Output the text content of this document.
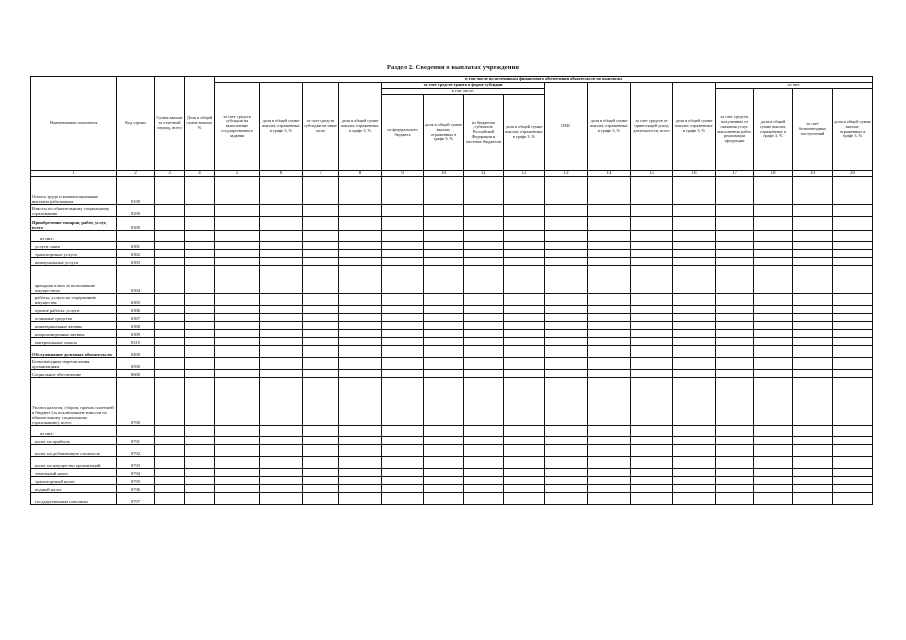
Раздел 2. Сведения о выплатах учреждения
Наименование показателя	Код строки	Сумма выплат за отчетный период, всего	Доля в общей сумме выплат, %	в том числе по источникам финансового обеспечения обязательств по выплатам															
				за счет средств субсидии на выполнение государственного задания	доля в общей сумме выплат, отраженных в графе 3, %	за счет средств субсидии на иные цели	доля в общей сумме выплат, отраженных в графе 3, %	за счет средств гранта в форме субсидии				ОМС	доля в общей сумме выплат, отраженных в графе 3, %	за счет средств от приносящей доход деятельности, всего	доля в общей сумме выплат, отраженных в графе 3, %	из них:			
								в том числе:								за счет средств, полученных от оказания услуг, выполнения работ, реализации продукции	доля в общей сумме выплат, отраженных в графе 3, %	за счет безвозмездных поступлений	доля в общей сумме выплат, отраженных в графе 3, %
								из федерального бюджета	доля в общей сумме выплат, отраженных в графе 3, %	из бюджетов субъектов Российской Федерации и местных бюджетов	доля в общей сумме выплат, отраженных в графе 3, %								
1	2	3	4	5	6	7	8	9	10	11	12	13	14	15	16	17	18	19	20
Оплата труда и компенсационные выплаты работникам	0100																		
Взносы по обязательному социальному страхованию	0200																		
Приобретение товаров, работ, услуг, всего	0300																		
из них:																			
услуги связи	0301																		
транспортные услуги	0302																		
коммунальные услуги	0303																		
арендная плата за пользование имуществом	0304																		
работы, услуги по содержанию имущества	0305																		
прочие работы, услуги	0306																		
основные средства	0307																		
нематериальные активы	0308																		
непроизведенные активы	0309																		
материальные запасы	0310																		
Обслуживание долговых обязательств	0400																		
Безвозмездные перечисления организациям	0500																		
Социальное обеспечение	0600																		
Уплата налогов, сборов, прочих платежей в бюджет (за исключением взносов по обязательному социальному страхованию), всего	0700																		
из них:																			
налог на прибыль	0701																		
налог на добавленную стоимость	0702																		
налог на имущество организаций	0703																		
земельный налог	0704																		
транспортный налог	0705																		
водный налог	0706																		
государственные пошлины	0707																		
